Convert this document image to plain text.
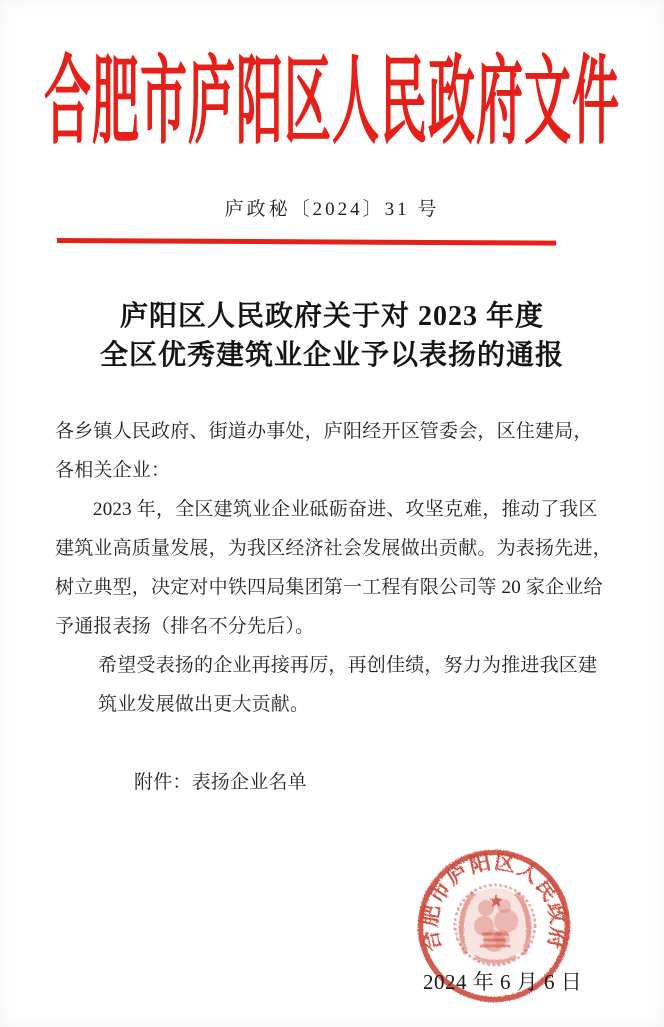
合肥市庐阳区人民政府文件
庐政秘〔2024〕31 号
庐阳区人民政府关于对 2023 年度
全区优秀建筑业企业予以表扬的通报
各乡镇人民政府、街道办事处，庐阳经开区管委会，区住建局，
各相关企业：
2023 年，全区建筑业企业砥砺奋进、攻坚克难，推动了我区
建筑业高质量发展，为我区经济社会发展做出贡献。为表扬先进，
树立典型，决定对中铁四局集团第一工程有限公司等 20 家企业给
予通报表扬（排名不分先后）。
希望受表扬的企业再接再厉，再创佳绩，努力为推进我区建
筑业发展做出更大贡献。
附件：表扬企业名单
合肥市庐阳区人民政府
2024 年 6 月 6 日
